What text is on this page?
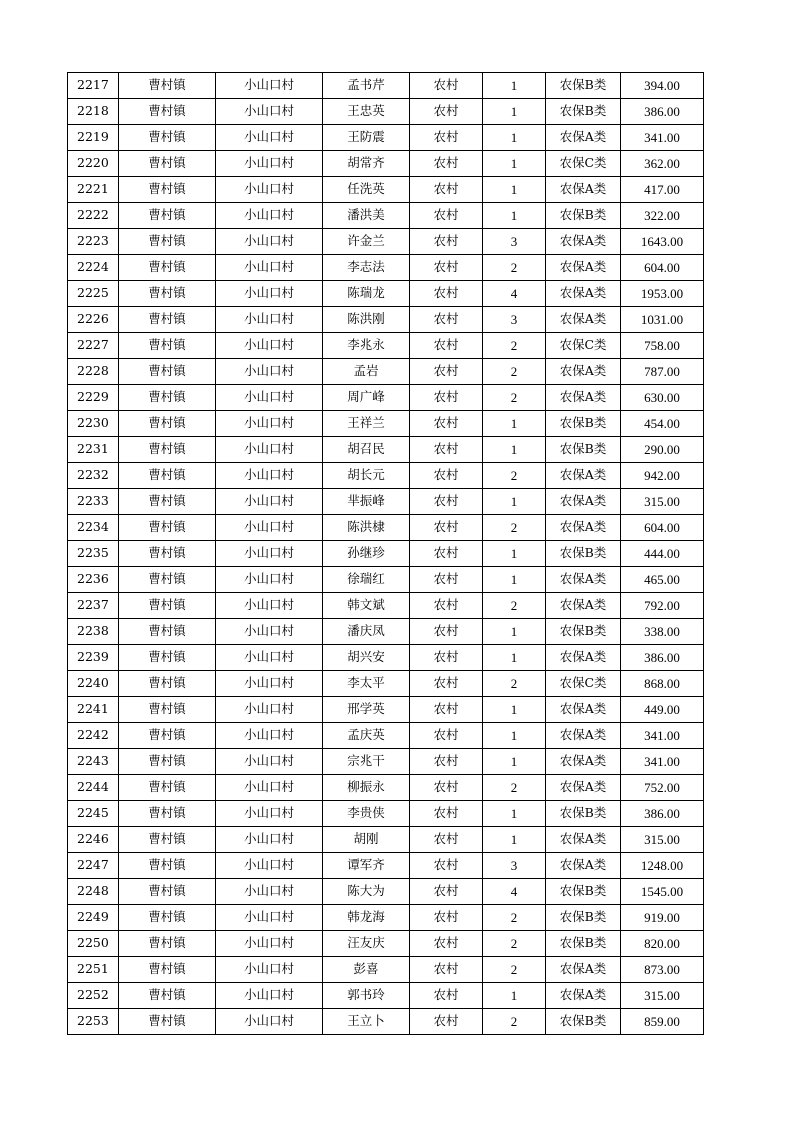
2217	曹村镇	小山口村	孟书芹	农村	1	农保B类	394.00
2218	曹村镇	小山口村	王忠英	农村	1	农保B类	386.00
2219	曹村镇	小山口村	王防震	农村	1	农保A类	341.00
2220	曹村镇	小山口村	胡常齐	农村	1	农保C类	362.00
2221	曹村镇	小山口村	任洗英	农村	1	农保A类	417.00
2222	曹村镇	小山口村	潘洪美	农村	1	农保B类	322.00
2223	曹村镇	小山口村	许金兰	农村	3	农保A类	1643.00
2224	曹村镇	小山口村	李志法	农村	2	农保A类	604.00
2225	曹村镇	小山口村	陈瑞龙	农村	4	农保A类	1953.00
2226	曹村镇	小山口村	陈洪刚	农村	3	农保A类	1031.00
2227	曹村镇	小山口村	李兆永	农村	2	农保C类	758.00
2228	曹村镇	小山口村	孟岩	农村	2	农保A类	787.00
2229	曹村镇	小山口村	周广峰	农村	2	农保A类	630.00
2230	曹村镇	小山口村	王祥兰	农村	1	农保B类	454.00
2231	曹村镇	小山口村	胡召民	农村	1	农保B类	290.00
2232	曹村镇	小山口村	胡长元	农村	2	农保A类	942.00
2233	曹村镇	小山口村	芈振峰	农村	1	农保A类	315.00
2234	曹村镇	小山口村	陈洪棣	农村	2	农保A类	604.00
2235	曹村镇	小山口村	孙继珍	农村	1	农保B类	444.00
2236	曹村镇	小山口村	徐瑞红	农村	1	农保A类	465.00
2237	曹村镇	小山口村	韩文斌	农村	2	农保A类	792.00
2238	曹村镇	小山口村	潘庆凤	农村	1	农保B类	338.00
2239	曹村镇	小山口村	胡兴安	农村	1	农保A类	386.00
2240	曹村镇	小山口村	李太平	农村	2	农保C类	868.00
2241	曹村镇	小山口村	邢学英	农村	1	农保A类	449.00
2242	曹村镇	小山口村	孟庆英	农村	1	农保A类	341.00
2243	曹村镇	小山口村	宗兆干	农村	1	农保A类	341.00
2244	曹村镇	小山口村	柳振永	农村	2	农保A类	752.00
2245	曹村镇	小山口村	李贵侠	农村	1	农保B类	386.00
2246	曹村镇	小山口村	胡刚	农村	1	农保A类	315.00
2247	曹村镇	小山口村	谭军齐	农村	3	农保A类	1248.00
2248	曹村镇	小山口村	陈大为	农村	4	农保B类	1545.00
2249	曹村镇	小山口村	韩龙海	农村	2	农保B类	919.00
2250	曹村镇	小山口村	汪友庆	农村	2	农保B类	820.00
2251	曹村镇	小山口村	彭喜	农村	2	农保A类	873.00
2252	曹村镇	小山口村	郭书玲	农村	1	农保A类	315.00
2253	曹村镇	小山口村	王立卜	农村	2	农保B类	859.00
